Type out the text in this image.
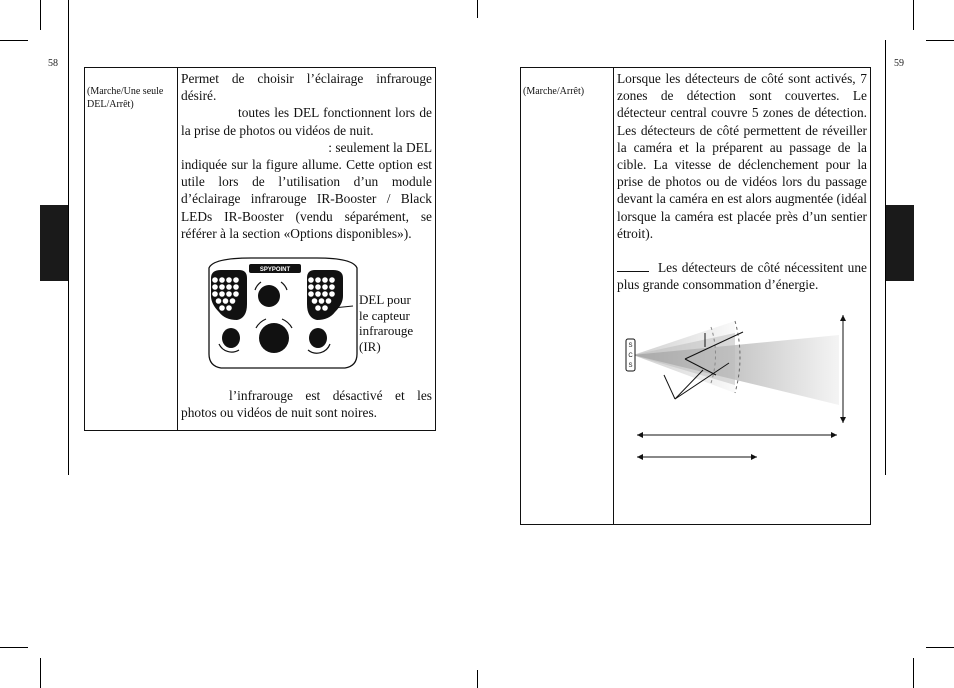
58	59
(Marche/Une seule DEL/Arrêt)	

Permet de choisir l’éclairage infrarouge désiré.

toutes les DEL fonctionnent lors de la prise de photos ou vidéos de nuit.

: seulement la DEL

indiquée sur la figure allume. Cette option est utile lors de l’utilisation d’un module d’éclairage infrarouge IR-Booster / Black LEDs IR-Booster (vendu séparément, se référer à la section «Options disponibles»).

SPYPOINT
DEL pour
le capteur
infrarouge
(IR)

l’infrarouge est désactivé et les photos ou vidéos de nuit sont noires.

(Marche/Arrêt)	

Lorsque les détecteurs de côté sont activés, 7 zones de détection sont couvertes. Le détecteur central couvre 5 zones de détection. Les détecteurs de côté permettent de réveiller la caméra et la préparent au passage de la cible. La vitesse de déclenchement pour la prise de photos ou de vidéos lors du passage devant la caméra en est alors augmentée (idéal lorsque la caméra est placée près d’un sentier étroit).

Les détecteurs de côté nécessitent une plus grande consommation d’énergie.

S
C
S
